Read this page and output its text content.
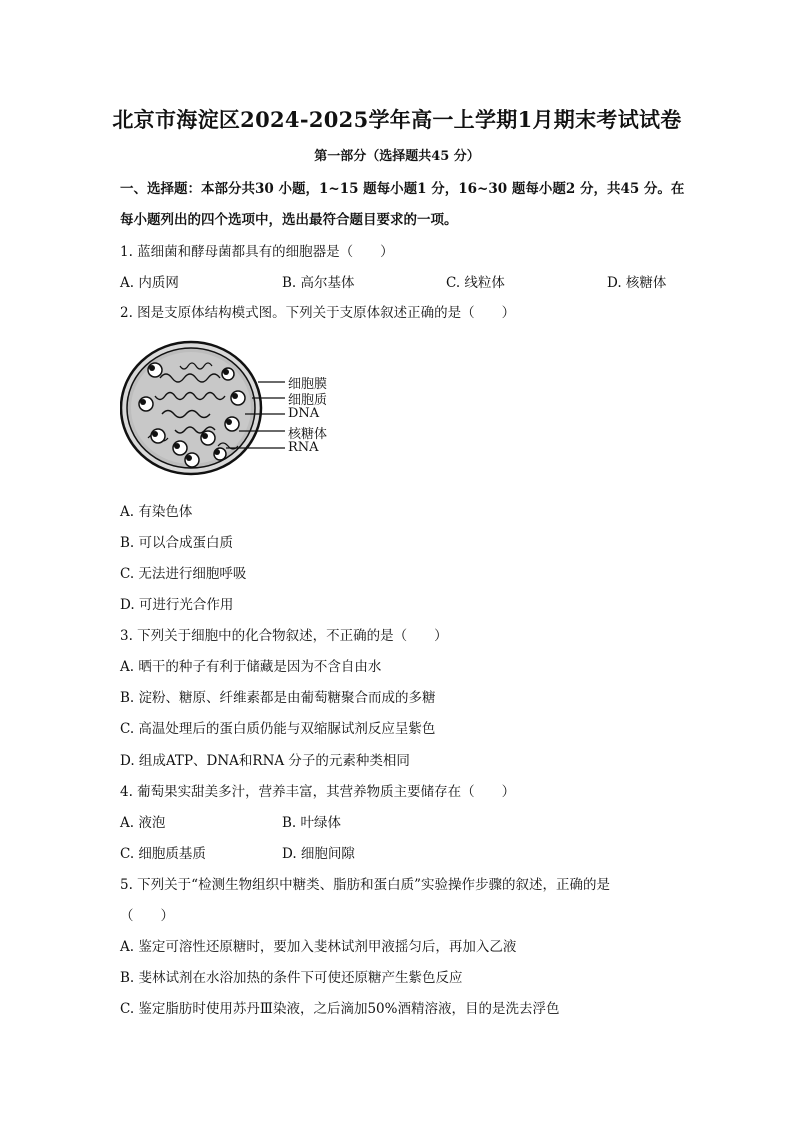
北京市海淀区2024-2025学年高一上学期1月期末考试试卷
第一部分（选择题共45 分）
一、选择题：本部分共30 小题，1~15 题每小题1 分，16~30 题每小题2 分，共45 分。在
每小题列出的四个选项中，选出最符合题目要求的一项。
1. 蓝细菌和酵母菌都具有的细胞器是（　　）
A. 内质网	B. 高尔基体	C. 线粒体	D. 核糖体
2. 图是支原体结构模式图。下列关于支原体叙述正确的是（　　）
细胞膜
细胞质
DNA
核糖体
RNA
A. 有染色体
B. 可以合成蛋白质
C. 无法进行细胞呼吸
D. 可进行光合作用
3. 下列关于细胞中的化合物叙述，不正确的是（　　）
A. 晒干的种子有利于储藏是因为不含自由水
B. 淀粉、糖原、纤维素都是由葡萄糖聚合而成的多糖
C. 高温处理后的蛋白质仍能与双缩脲试剂反应呈紫色
D. 组成ATP、DNA和RNA 分子的元素种类相同
4. 葡萄果实甜美多汁，营养丰富，其营养物质主要储存在（　　）
A. 液泡	B. 叶绿体
C. 细胞质基质	D. 细胞间隙
5. 下列关于“检测生物组织中糖类、脂肪和蛋白质”实验操作步骤的叙述，正确的是
（　　）
A. 鉴定可溶性还原糖时，要加入斐林试剂甲液摇匀后，再加入乙液
B. 斐林试剂在水浴加热的条件下可使还原糖产生紫色反应
C. 鉴定脂肪时使用苏丹Ⅲ染液，之后滴加50%酒精溶液，目的是洗去浮色
